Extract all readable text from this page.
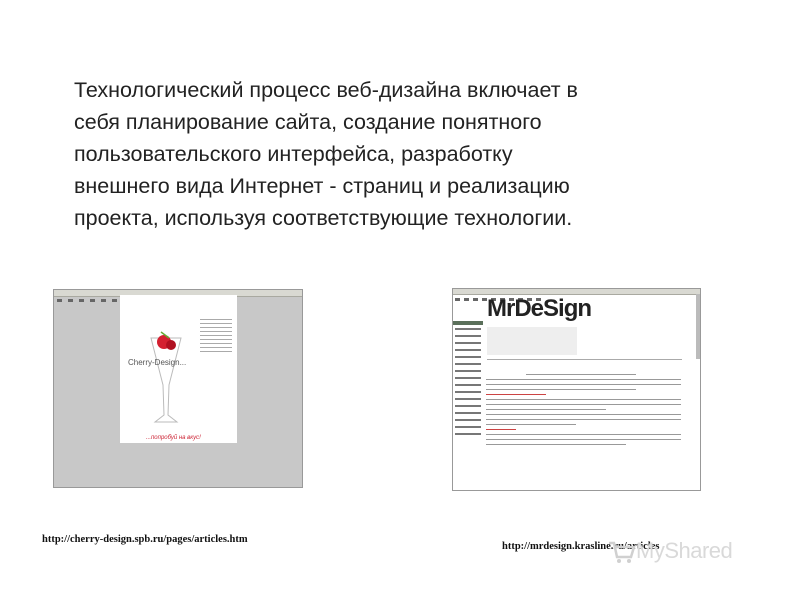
Технологический процесс веб-дизайна включает в
себя планирование сайта, создание понятного
пользовательского интерфейса, разработку
внешнего вида Интернет - страниц и реализацию
проекта, используя соответствующие технологии.
Cherry-Design...
...попробуй на вкус!
MrDeSign
http://cherry-design.spb.ru/pages/articles.htm
http://mrdesign.krasline.ru/articles
MyShared
